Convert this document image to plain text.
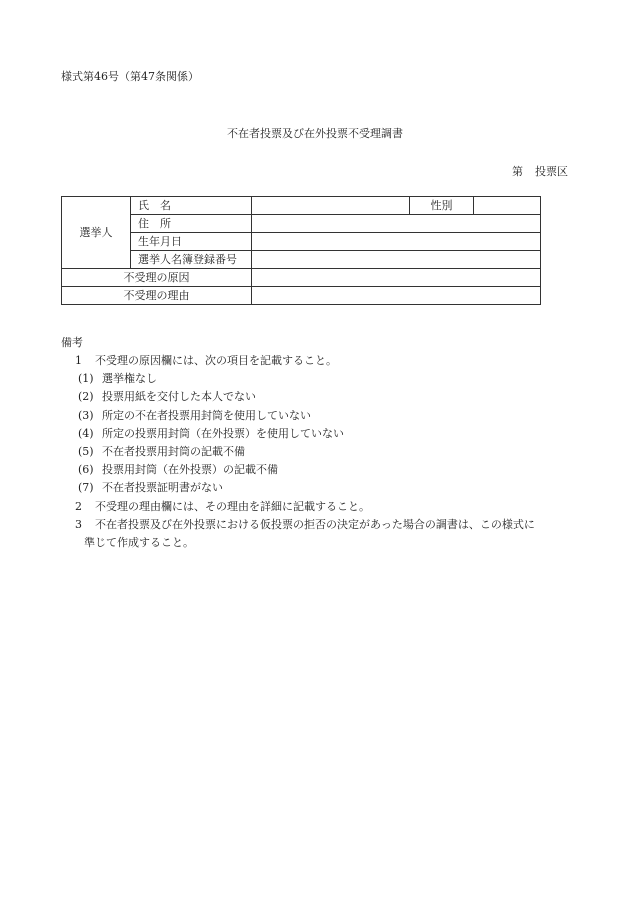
様式第46号（第47条関係）
不在者投票及び在外投票不受理調書
第 投票区
選挙人	氏　名		性別	
	住　所			
	生年月日			
	選挙人名簿登録番号			
不受理の原因				
不受理の理由				
備考
1 不受理の原因欄には、次の項目を記載すること。
(1) 選挙権なし
(2) 投票用紙を交付した本人でない
(3) 所定の不在者投票用封筒を使用していない
(4) 所定の投票用封筒（在外投票）を使用していない
(5) 不在者投票用封筒の記載不備
(6) 投票用封筒（在外投票）の記載不備
(7) 不在者投票証明書がない
2 不受理の理由欄には、その理由を詳細に記載すること。
3 不在者投票及び在外投票における仮投票の拒否の決定があった場合の調書は、この様式に
準じて作成すること。
